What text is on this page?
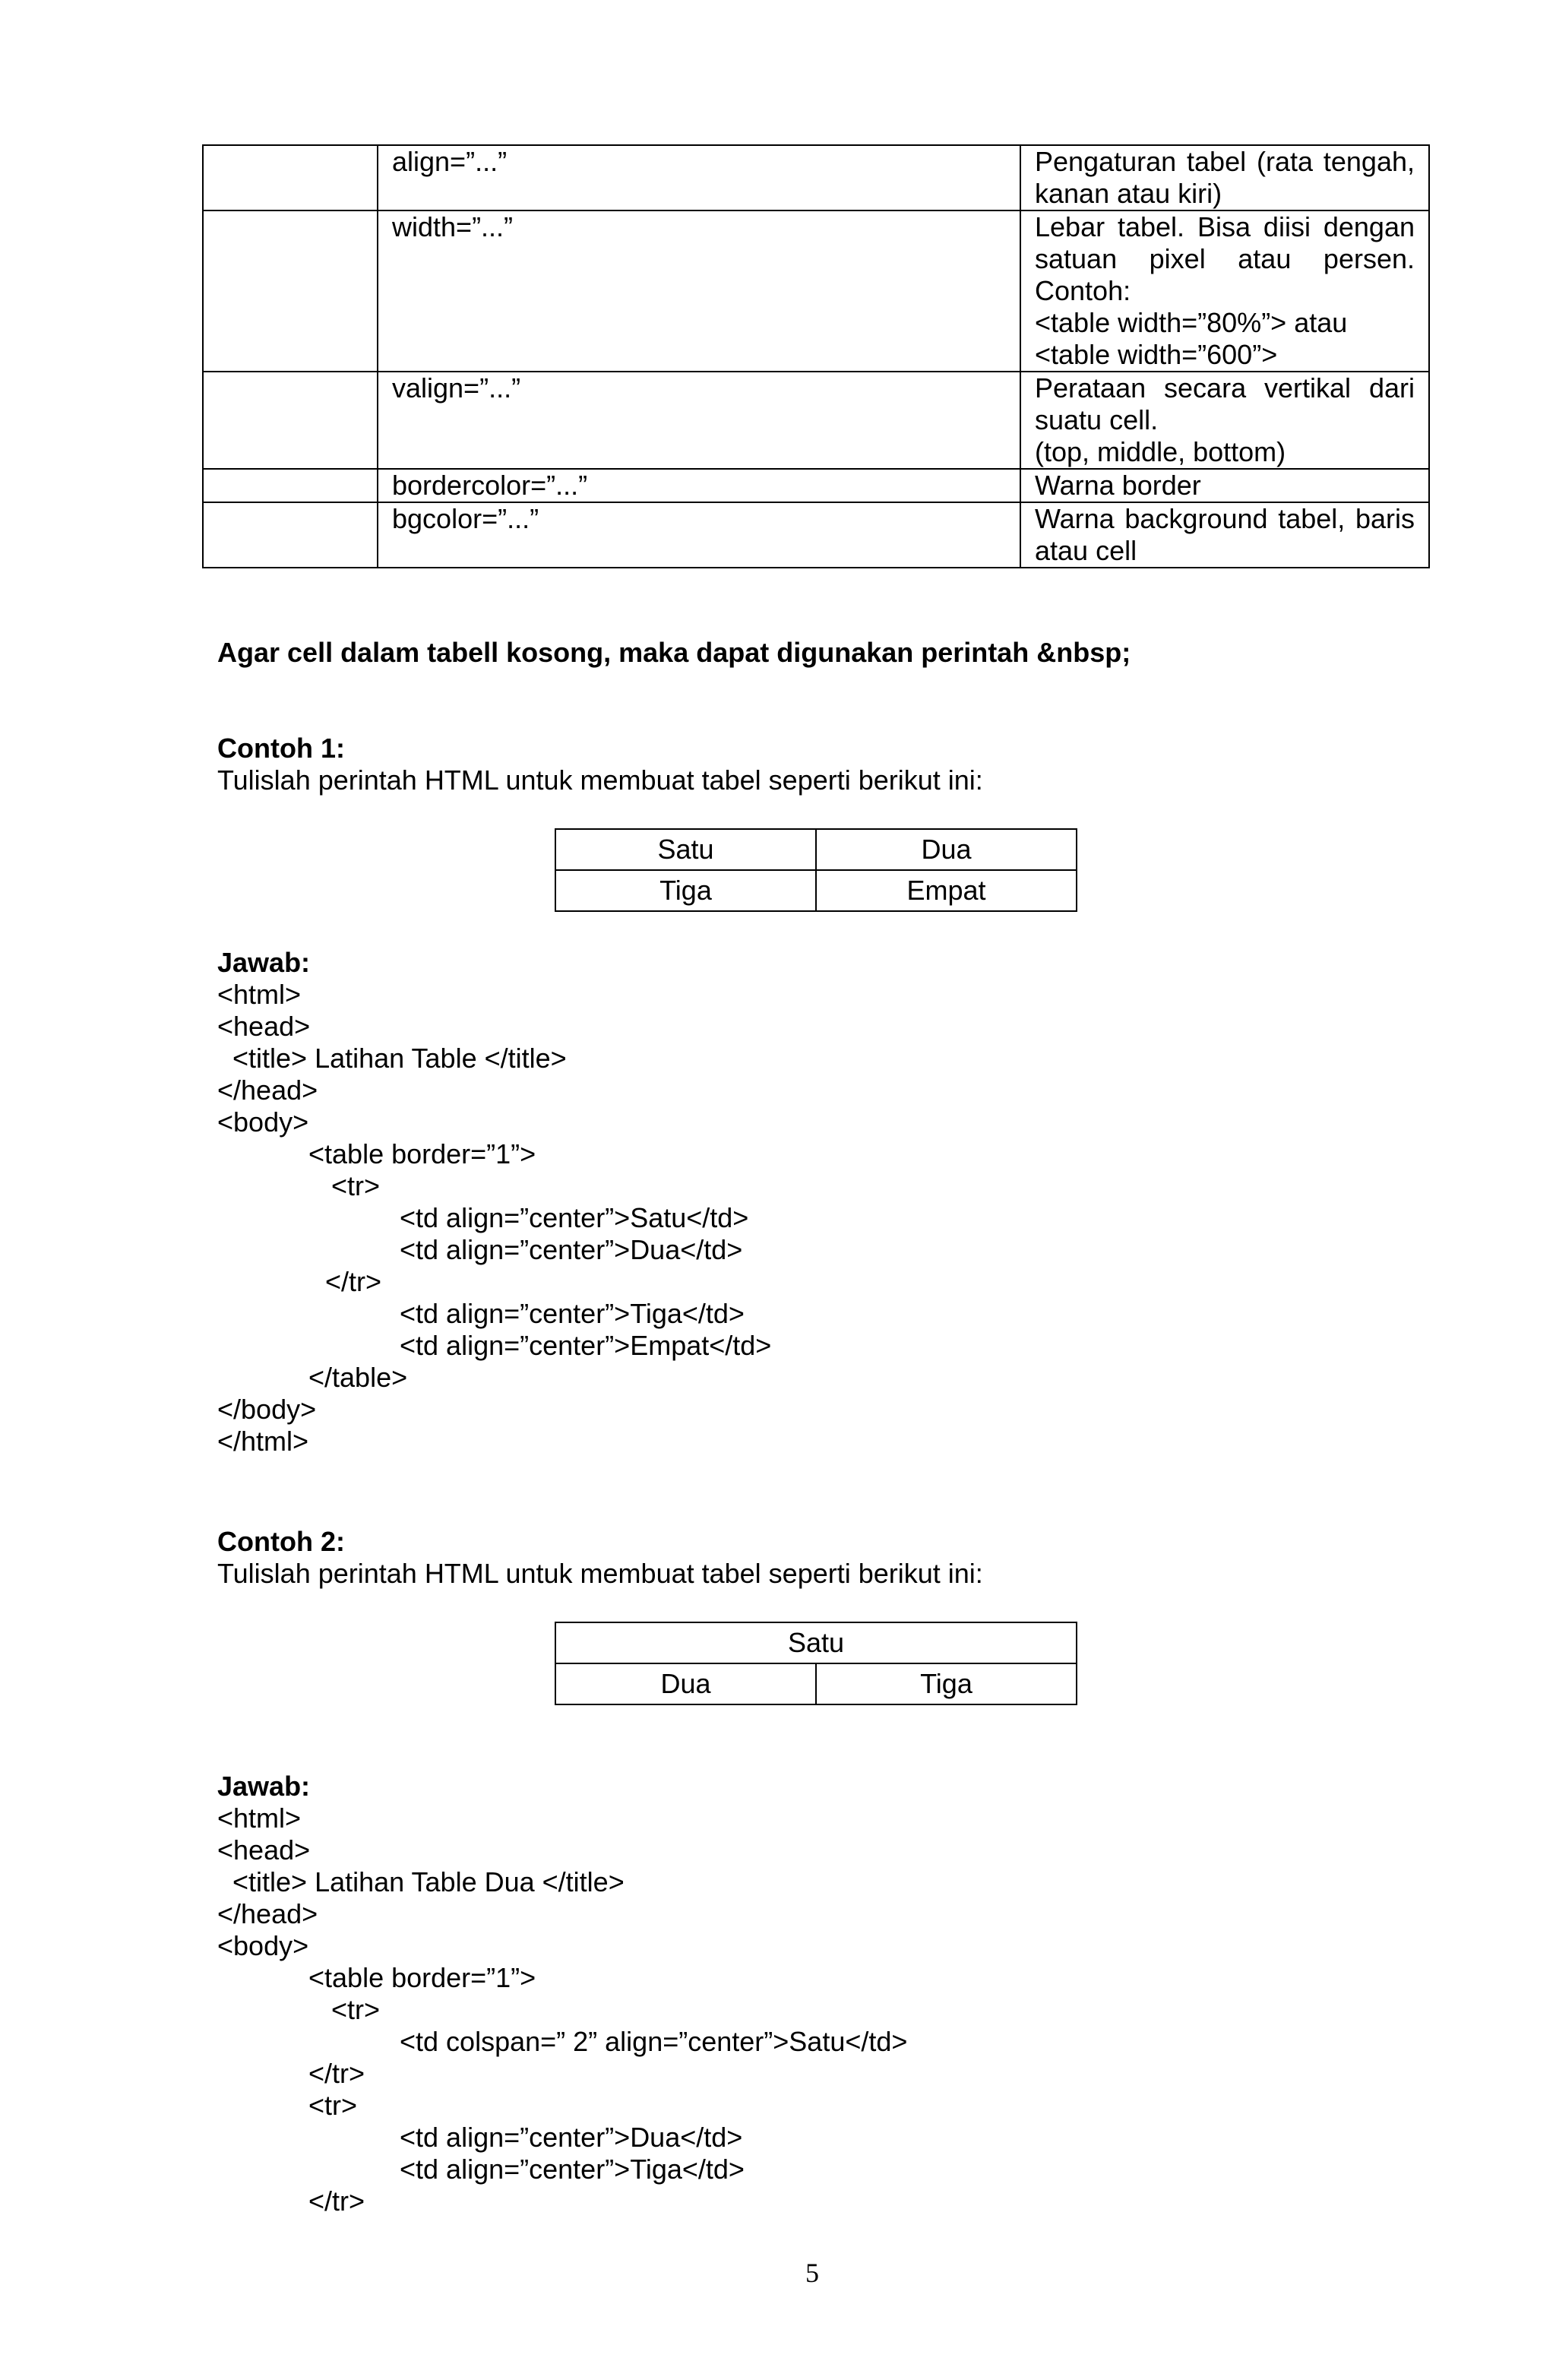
	align=”...”	Pengaturan tabel (rata tengah, kanan atau kiri)

	width=”...”	Lebar tabel. Bisa diisi dengan satuan pixel atau persen. Contoh:
<table width=”80%”> atau
<table width=”600”>

	valign=”...”	Perataan secara vertikal dari suatu cell.
(top, middle, bottom)

	bordercolor=”...”	Warna border

	bgcolor=”...”	Warna background tabel, baris atau cell
Agar cell dalam tabell kosong, maka dapat digunakan perintah &nbsp;
Contoh 1:
Tulislah perintah HTML untuk membuat tabel seperti berikut ini:
Satu	Dua
Tiga	Empat
Jawab:
<html>
<head>
<title> Latihan Table </title>
</head>
<body>
<table border=”1”>
<tr>
<td align=”center”>Satu</td>
<td align=”center”>Dua</td>
</tr>
<td align=”center”>Tiga</td>
<td align=”center”>Empat</td>
</table>
</body>
</html>
Contoh 2:
Tulislah perintah HTML untuk membuat tabel seperti berikut ini:
Satu
Dua	Tiga
Jawab:
<html>
<head>
<title> Latihan Table Dua </title>
</head>
<body>
<table border=”1”>
<tr>
<td colspan=” 2” align=”center”>Satu</td>
</tr>
<tr>
<td align=”center”>Dua</td>
<td align=”center”>Tiga</td>
</tr>
5
